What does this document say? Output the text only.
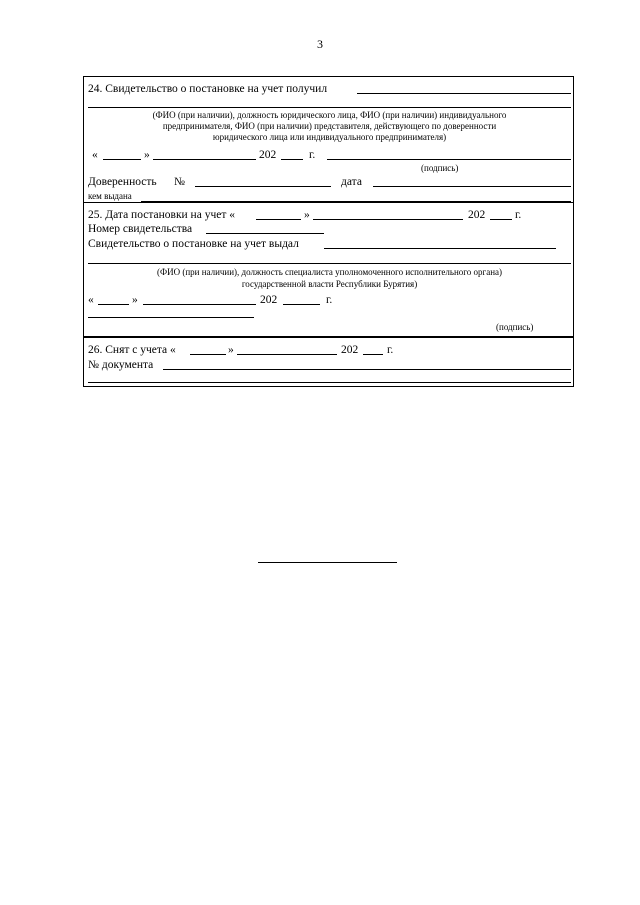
3
24. Свидетельство о постановке на учет получил
(ФИО (при наличии), должность юридического лица, ФИО (при наличии) индивидуального
предпринимателя, ФИО (при наличии) представителя, действующего по доверенности
юридического лица или индивидуального предпринимателя)
«	»	202	г.
(подпись)
Доверенность №	дата
кем выдана
25. Дата постановки на учет «	»	202	г.
Номер свидетельства
Свидетельство о постановке на учет выдал
(ФИО (при наличии), должность специалиста уполномоченного исполнительного органа)
государственной власти Республики Бурятия)
«	»	202	г.
(подпись)
26. Снят с учета «	»	202	г.
№ документа
